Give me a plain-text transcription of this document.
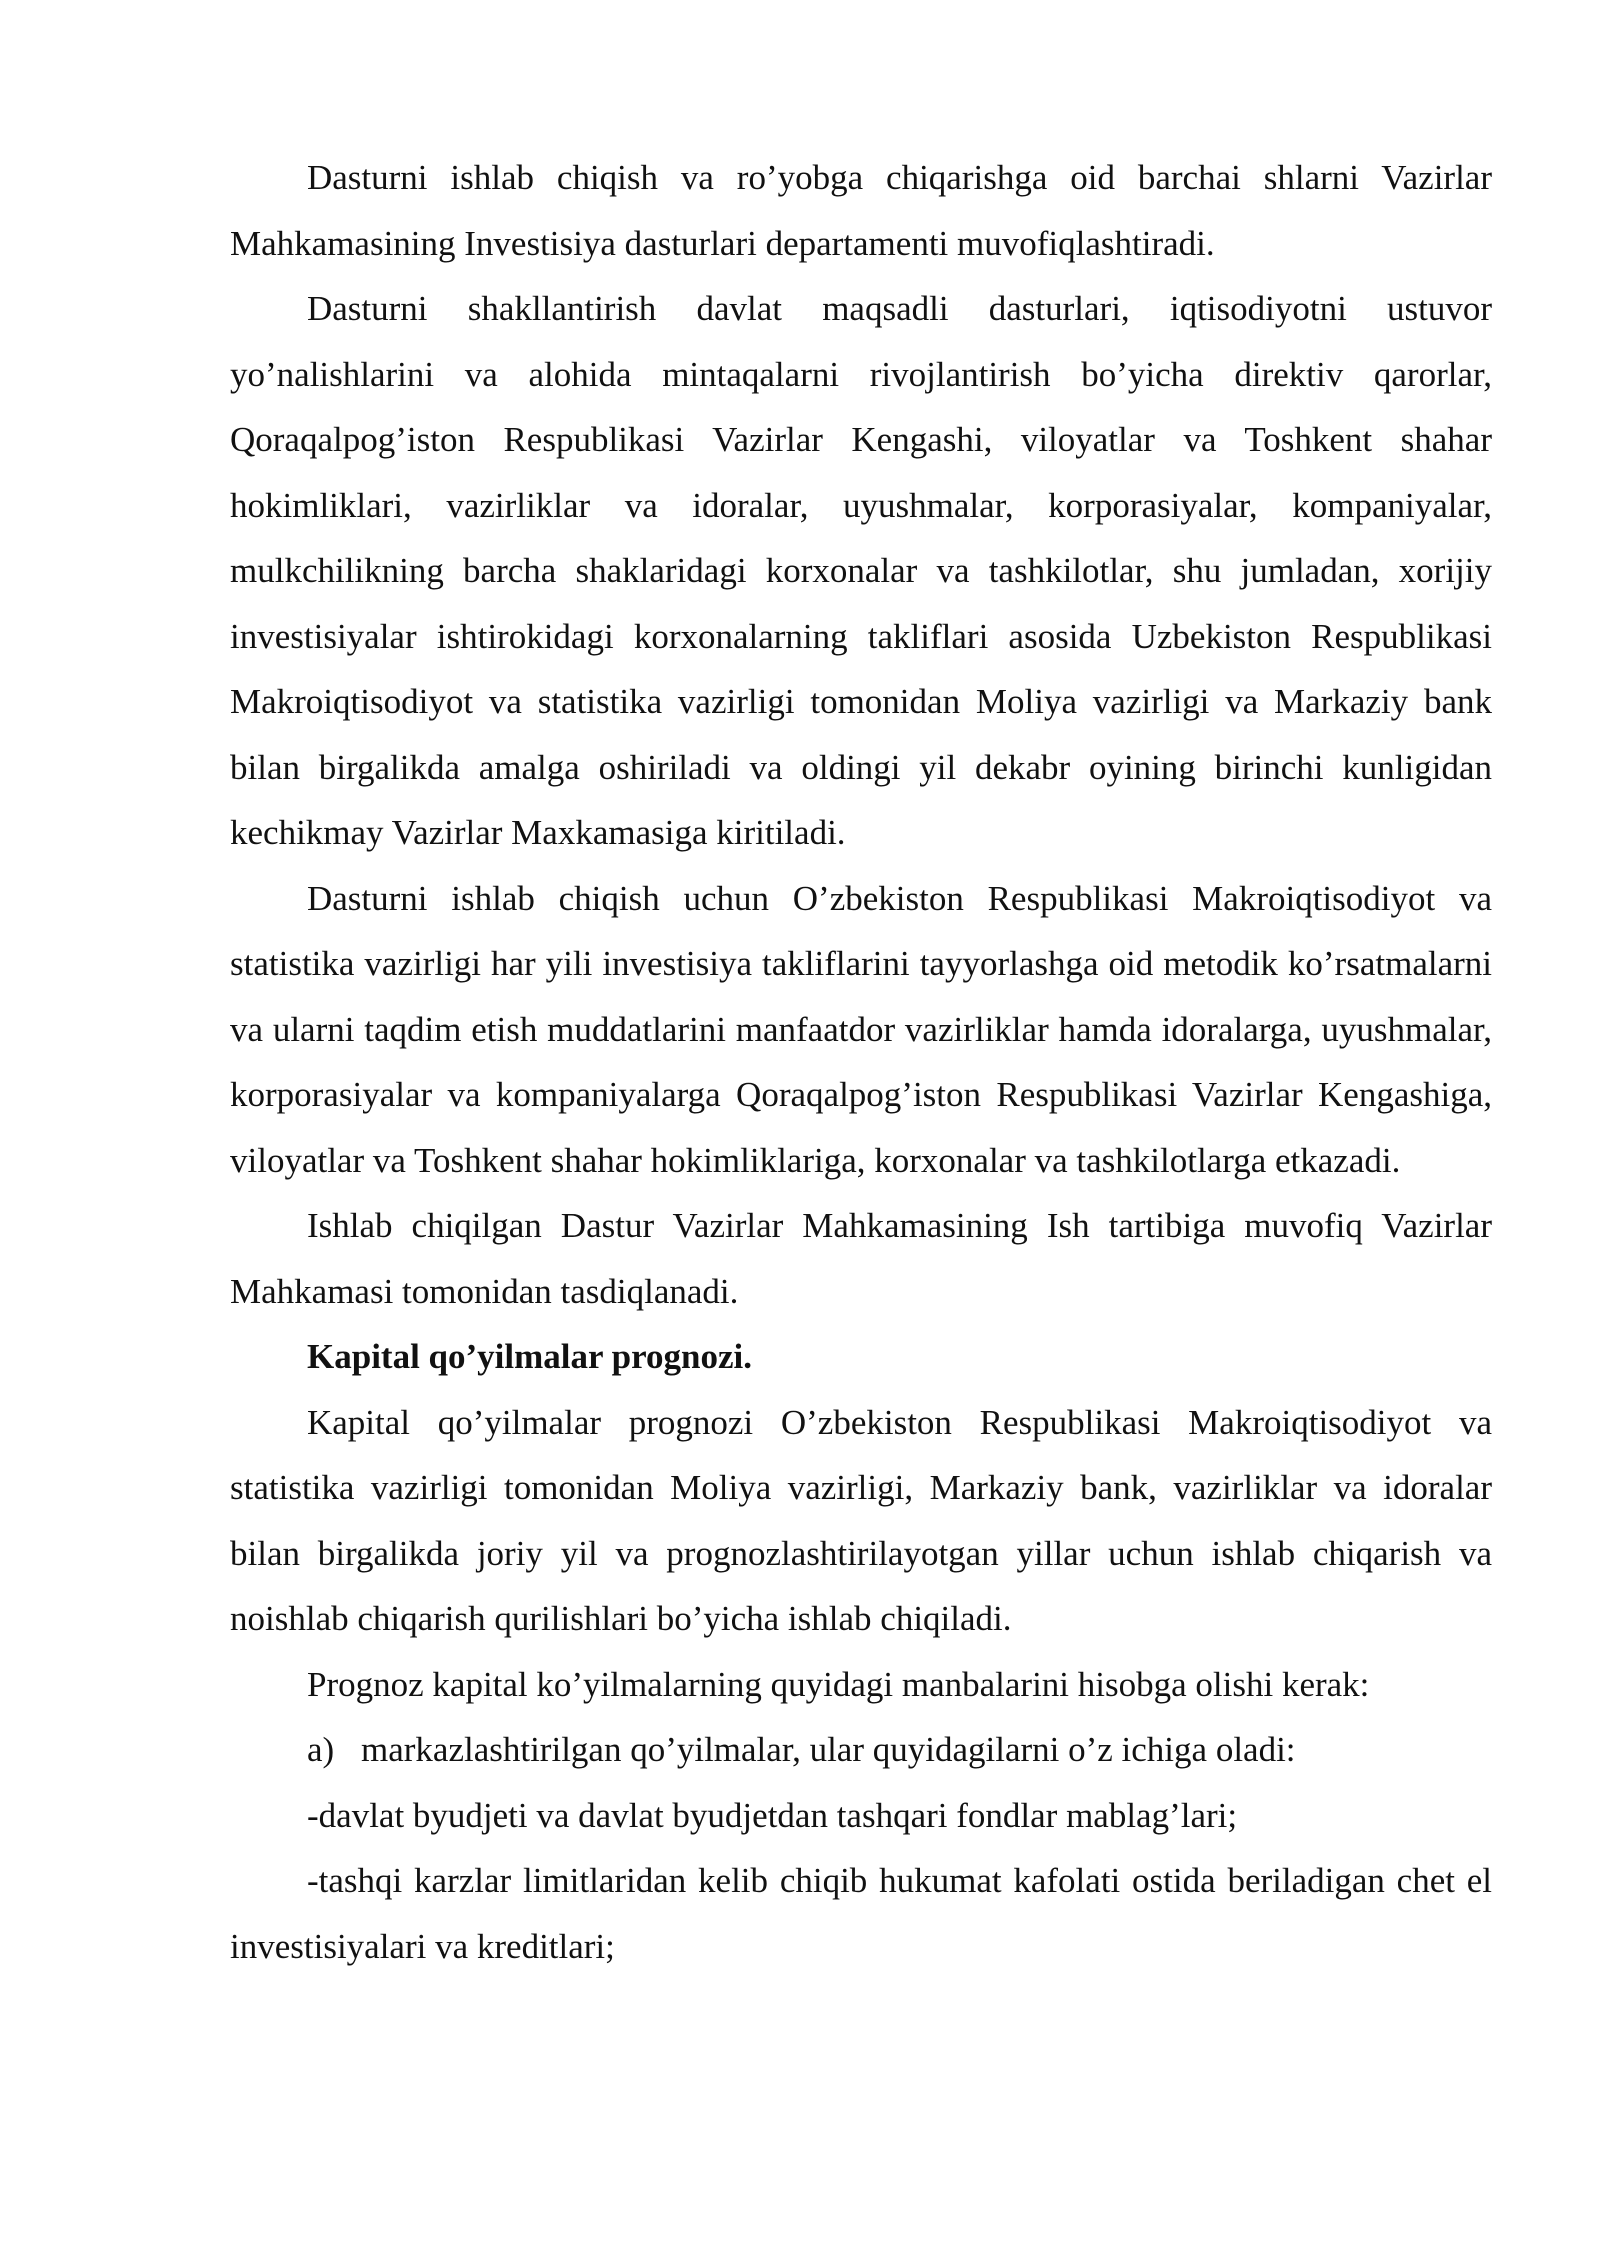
Dasturni ishlab chiqish va ro’yobga chiqarishga oid barchai shlarni Vazirlar Mahkamasining Investisiya dasturlari departamenti muvofiqlashtiradi.

Dasturni shakllantirish davlat maqsadli dasturlari, iqtisodiyotni ustuvor yo’nalishlarini va alohida mintaqalarni rivojlantirish bo’yicha direktiv qarorlar, Qoraqalpog’iston Respublikasi Vazirlar Kengashi, viloyatlar va Toshkent shahar hokimliklari, vazirliklar va idoralar, uyushmalar, korporasiyalar, kompaniyalar, mulkchilikning barcha shaklaridagi korxonalar va tashkilotlar, shu jumladan, xorijiy investisiyalar ishtirokidagi korxonalarning takliflari asosida Uzbekiston Respublikasi Makroiqtisodiyot va statistika vazirligi tomonidan Moliya vazirligi va Markaziy bank bilan birgalikda amalga oshiriladi va oldingi yil dekabr oyining birinchi kunligidan kechikmay Vazirlar Maxkamasiga kiritiladi.

Dasturni ishlab chiqish uchun O’zbekiston Respublikasi Makroiqtisodiyot va statistika vazirligi har yili investisiya takliflarini tayyorlashga oid metodik ko’rsatmalarni va ularni taqdim etish muddatlarini manfaatdor vazirliklar hamda idoralarga, uyushmalar, korporasiyalar va kompaniyalarga Qoraqalpog’iston Respublikasi Vazirlar Kengashiga, viloyatlar va Toshkent shahar hokimliklariga, korxonalar va tashkilotlarga etkazadi.

Ishlab chiqilgan Dastur Vazirlar Mahkamasining Ish tartibiga muvofiq Vazirlar Mahkamasi tomonidan tasdiqlanadi.

Kapital qo’yilmalar prognozi.

Kapital qo’yilmalar prognozi O’zbekiston Respublikasi Makroiqtisodiyot va statistika vazirligi tomonidan Moliya vazirligi, Markaziy bank, vazirliklar va idoralar bilan birgalikda joriy yil va prognozlashtirilayotgan yillar uchun ishlab chiqarish va noishlab chiqarish qurilishlari bo’yicha ishlab chiqiladi.

Prognoz kapital ko’yilmalarning quyidagi manbalarini hisobga olishi kerak:

a) markazlashtirilgan qo’yilmalar, ular quyidagilarni o’z ichiga oladi:

-davlat byudjeti va davlat byudjetdan tashqari fondlar mablag’lari;

-tashqi karzlar limitlaridan kelib chiqib hukumat kafolati ostida beriladigan chet el investisiyalari va kreditlari;
